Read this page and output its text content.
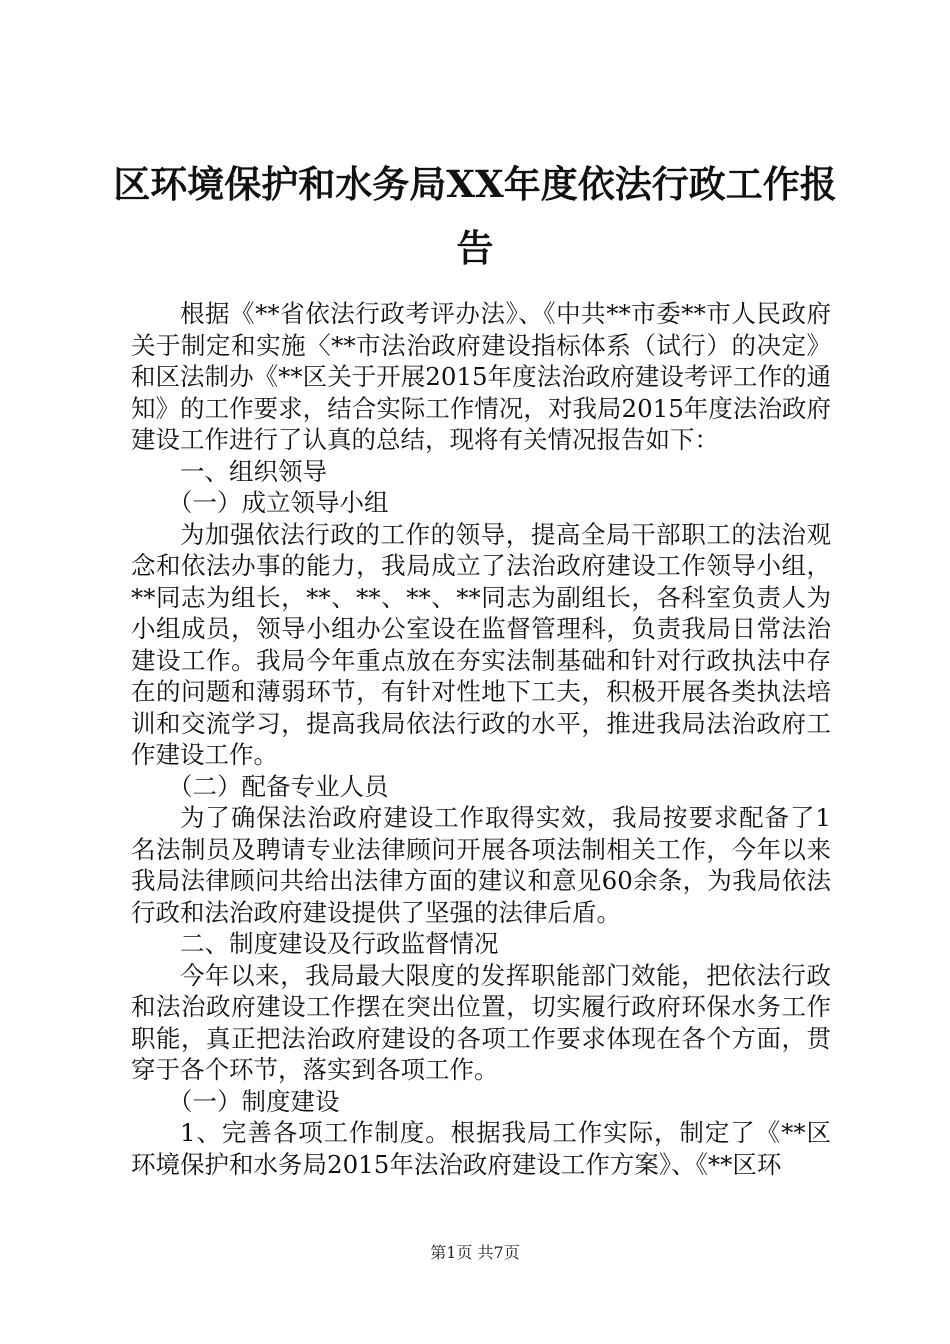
区环境保护和水务局XX年度依法行政工作报告

根据《**省依法行政考评办法》、《中共**市委**市人民政府关于制定和实施〈**市法治政府建设指标体系（试行）的决定》和区法制办《**区关于开展2015年度法治政府建设考评工作的通知》的工作要求，结合实际工作情况，对我局2015年度法治政府建设工作进行了认真的总结，现将有关情况报告如下：

一、组织领导

（一）成立领导小组

为加强依法行政的工作的领导，提高全局干部职工的法治观念和依法办事的能力，我局成立了法治政府建设工作领导小组，**同志为组长，**、**、**、**同志为副组长，各科室负责人为小组成员，领导小组办公室设在监督管理科，负责我局日常法治建设工作。我局今年重点放在夯实法制基础和针对行政执法中存在的问题和薄弱环节，有针对性地下工夫，积极开展各类执法培训和交流学习，提高我局依法行政的水平，推进我局法治政府工作建设工作。

（二）配备专业人员

为了确保法治政府建设工作取得实效，我局按要求配备了1名法制员及聘请专业法律顾问开展各项法制相关工作，今年以来我局法律顾问共给出法律方面的建议和意见60余条，为我局依法行政和法治政府建设提供了坚强的法律后盾。

二、制度建设及行政监督情况

今年以来，我局最大限度的发挥职能部门效能，把依法行政和法治政府建设工作摆在突出位置，切实履行政府环保水务工作职能，真正把法治政府建设的各项工作要求体现在各个方面，贯穿于各个环节，落实到各项工作。

（一）制度建设

1、完善各项工作制度。根据我局工作实际，制定了《**区环境保护和水务局2015年法治政府建设工作方案》、《**区环

第1页 共7页
